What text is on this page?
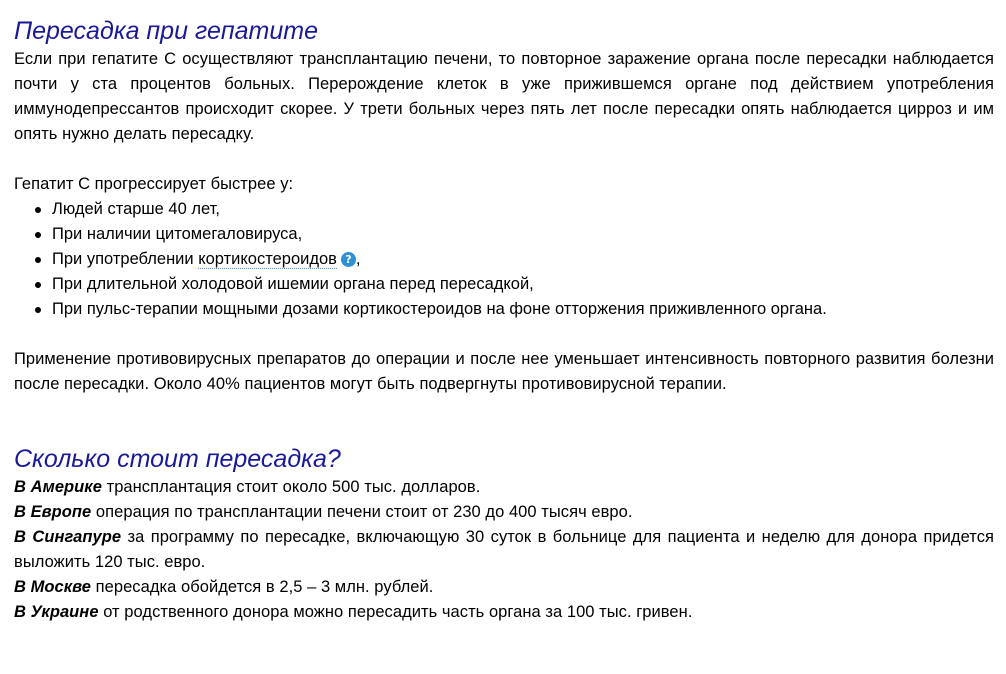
Пересадка при гепатите

Если при гепатите С осуществляют трансплантацию печени, то повторное заражение органа после пересадки наблюдается почти у ста процентов больных. Перерождение клеток в уже прижившемся органе под действием употребления иммунодепрессантов происходит скорее. У трети больных через пять лет после пересадки опять наблюдается цирроз и им опять нужно делать пересадку.

Гепатит С прогрессирует быстрее у:

Людей старше 40 лет,
При наличии цитомегаловируса,
При употреблении кортикостероидов ? ,
При длительной холодовой ишемии органа перед пересадкой,
При пульс-терапии мощными дозами кортикостероидов на фоне отторжения приживленного органа.

Применение противовирусных препаратов до операции и после нее уменьшает интенсивность повторного развития болезни после пересадки. Около 40% пациентов могут быть подвергнуты противовирусной терапии.

Сколько стоит пересадка?

В Америке трансплантация стоит около 500 тыс. долларов.

В Европе операция по трансплантации печени стоит от 230 до 400 тысяч евро.

В Сингапуре за программу по пересадке, включающую 30 суток в больнице для пациента и неделю для донора придется выложить 120 тыс. евро.

В Москве пересадка обойдется в 2,5 – 3 млн. рублей.

В Украине от родственного донора можно пересадить часть органа за 100 тыс. гривен.
